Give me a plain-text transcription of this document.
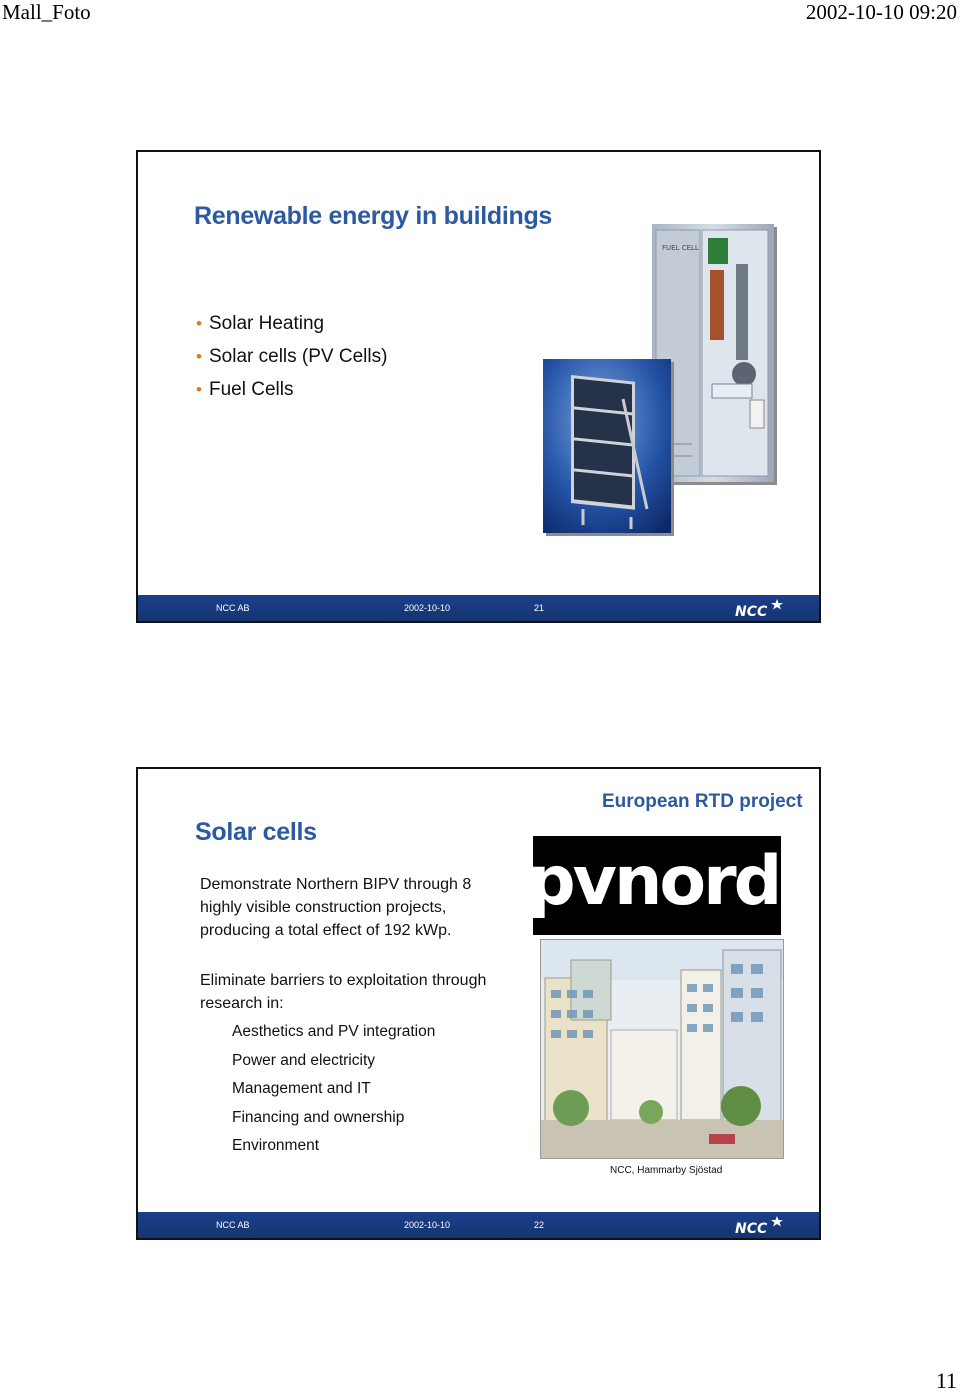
Mall_Foto	2002-10-10 09:20
Renewable energy in buildings
• Solar Heating
• Solar cells (PV Cells)
• Fuel Cells
FUEL CELL
NCC AB	2002-10-10	21	NCC
Solar cells
European RTD project
pvnord
Demonstrate Northern BIPV through 8 highly visible construction projects, producing a total effect of 192 kWp.
Eliminate barriers to exploitation through research in:
Aesthetics and PV integration
Power and electricity
Management and IT
Financing and ownership
Environment
NCC, Hammarby Sjöstad
NCC AB	2002-10-10	22	NCC
11
